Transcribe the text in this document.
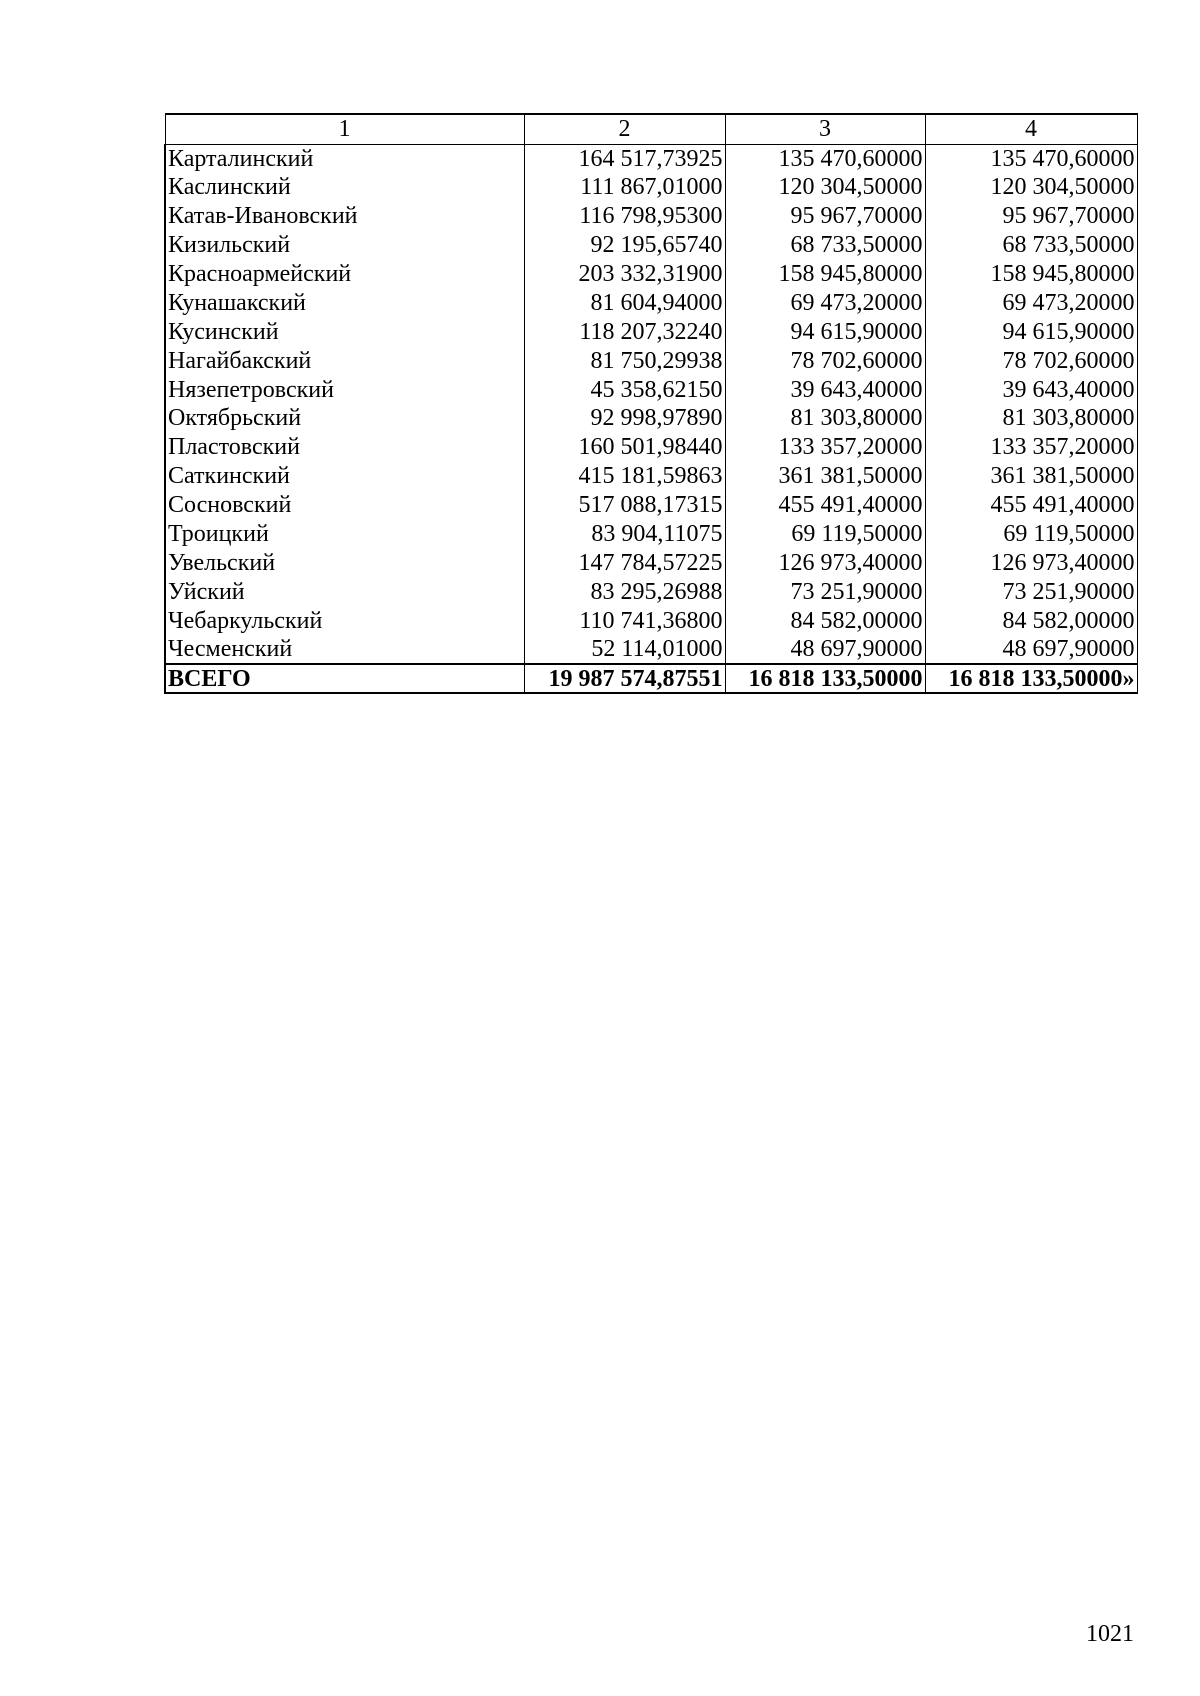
1	2	3	4
Карталинский	164 517,73925	135 470,60000	135 470,60000
Каслинский	111 867,01000	120 304,50000	120 304,50000
Катав-Ивановский	116 798,95300	95 967,70000	95 967,70000
Кизильский	92 195,65740	68 733,50000	68 733,50000
Красноармейский	203 332,31900	158 945,80000	158 945,80000
Кунашакский	81 604,94000	69 473,20000	69 473,20000
Кусинский	118 207,32240	94 615,90000	94 615,90000
Нагайбакский	81 750,29938	78 702,60000	78 702,60000
Нязепетровский	45 358,62150	39 643,40000	39 643,40000
Октябрьский	92 998,97890	81 303,80000	81 303,80000
Пластовский	160 501,98440	133 357,20000	133 357,20000
Саткинский	415 181,59863	361 381,50000	361 381,50000
Сосновский	517 088,17315	455 491,40000	455 491,40000
Троицкий	83 904,11075	69 119,50000	69 119,50000
Увельский	147 784,57225	126 973,40000	126 973,40000
Уйский	83 295,26988	73 251,90000	73 251,90000
Чебаркульский	110 741,36800	84 582,00000	84 582,00000
Чесменский	52 114,01000	48 697,90000	48 697,90000
ВСЕГО	19 987 574,87551	16 818 133,50000	16 818 133,50000»
1021
